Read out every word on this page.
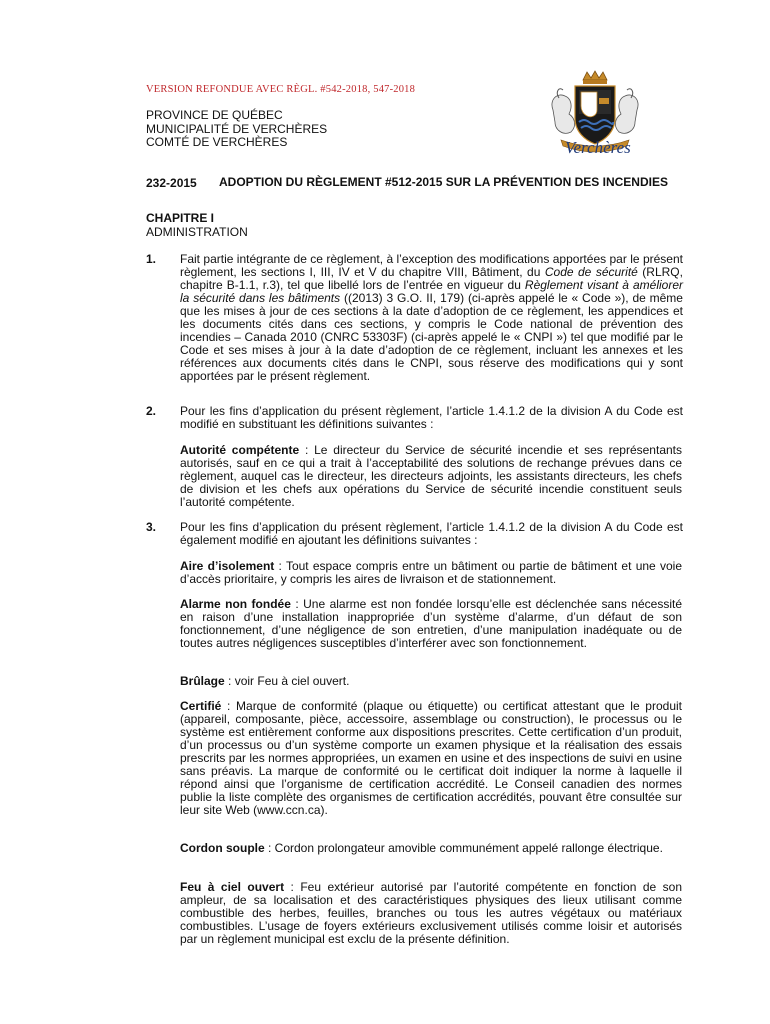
VERSION REFONDUE AVEC RÈGL. #542-2018, 547-2018
PROVINCE DE QUÉBEC
MUNICIPALITÉ DE VERCHÈRES
COMTÉ DE VERCHÈRES	Verchères
232-2015 ADOPTION DU RÈGLEMENT #512-2015 SUR LA PRÉVENTION DES INCENDIES
CHAPITRE I
ADMINISTRATION
1. Fait partie intégrante de ce règlement, à l’exception des modifications apportées par le présent règlement, les sections I, III, IV et V du chapitre VIII, Bâtiment, du Code de sécurité (RLRQ, chapitre B-1.1, r.3), tel que libellé lors de l’entrée en vigueur du Règlement visant à améliorer la sécurité dans les bâtiments ((2013) 3 G.O. II, 179) (ci-après appelé le « Code »), de même que les mises à jour de ces sections à la date d’adoption de ce règlement, les appendices et les documents cités dans ces sections, y compris le Code national de prévention des incendies – Canada 2010 (CNRC 53303F) (ci-après appelé le « CNPI ») tel que modifié par le Code et ses mises à jour à la date d’adoption de ce règlement, incluant les annexes et les références aux documents cités dans le CNPI, sous réserve des modifications qui y sont apportées par le présent règlement.
2. Pour les fins d’application du présent règlement, l’article 1.4.1.2 de la division A du Code est modifié en substituant les définitions suivantes :
Autorité compétente : Le directeur du Service de sécurité incendie et ses représentants autorisés, sauf en ce qui a trait à l’acceptabilité des solutions de rechange prévues dans ce règlement, auquel cas le directeur, les directeurs adjoints, les assistants directeurs, les chefs de division et les chefs aux opérations du Service de sécurité incendie constituent seuls l’autorité compétente.
3. Pour les fins d’application du présent règlement, l’article 1.4.1.2 de la division A du Code est également modifié en ajoutant les définitions suivantes :
Aire d’isolement : Tout espace compris entre un bâtiment ou partie de bâtiment et une voie d’accès prioritaire, y compris les aires de livraison et de stationnement.
Alarme non fondée : Une alarme est non fondée lorsqu’elle est déclenchée sans nécessité en raison d’une installation inappropriée d’un système d’alarme, d’un défaut de son fonctionnement, d’une négligence de son entretien, d’une manipulation inadéquate ou de toutes autres négligences susceptibles d’interférer avec son fonctionnement.
Brûlage : voir Feu à ciel ouvert.
Certifié : Marque de conformité (plaque ou étiquette) ou certificat attestant que le produit (appareil, composante, pièce, accessoire, assemblage ou construction), le processus ou le système est entièrement conforme aux dispositions prescrites. Cette certification d’un produit, d’un processus ou d’un système comporte un examen physique et la réalisation des essais prescrits par les normes appropriées, un examen en usine et des inspections de suivi en usine sans préavis. La marque de conformité ou le certificat doit indiquer la norme à laquelle il répond ainsi que l’organisme de certification accrédité. Le Conseil canadien des normes publie la liste complète des organismes de certification accrédités, pouvant être consultée sur leur site Web (www.ccn.ca).
Cordon souple : Cordon prolongateur amovible communément appelé rallonge électrique.
Feu à ciel ouvert : Feu extérieur autorisé par l’autorité compétente en fonction de son ampleur, de sa localisation et des caractéristiques physiques des lieux utilisant comme combustible des herbes, feuilles, branches ou tous les autres végétaux ou matériaux combustibles. L’usage de foyers extérieurs exclusivement utilisés comme loisir et autorisés par un règlement municipal est exclu de la présente définition.
